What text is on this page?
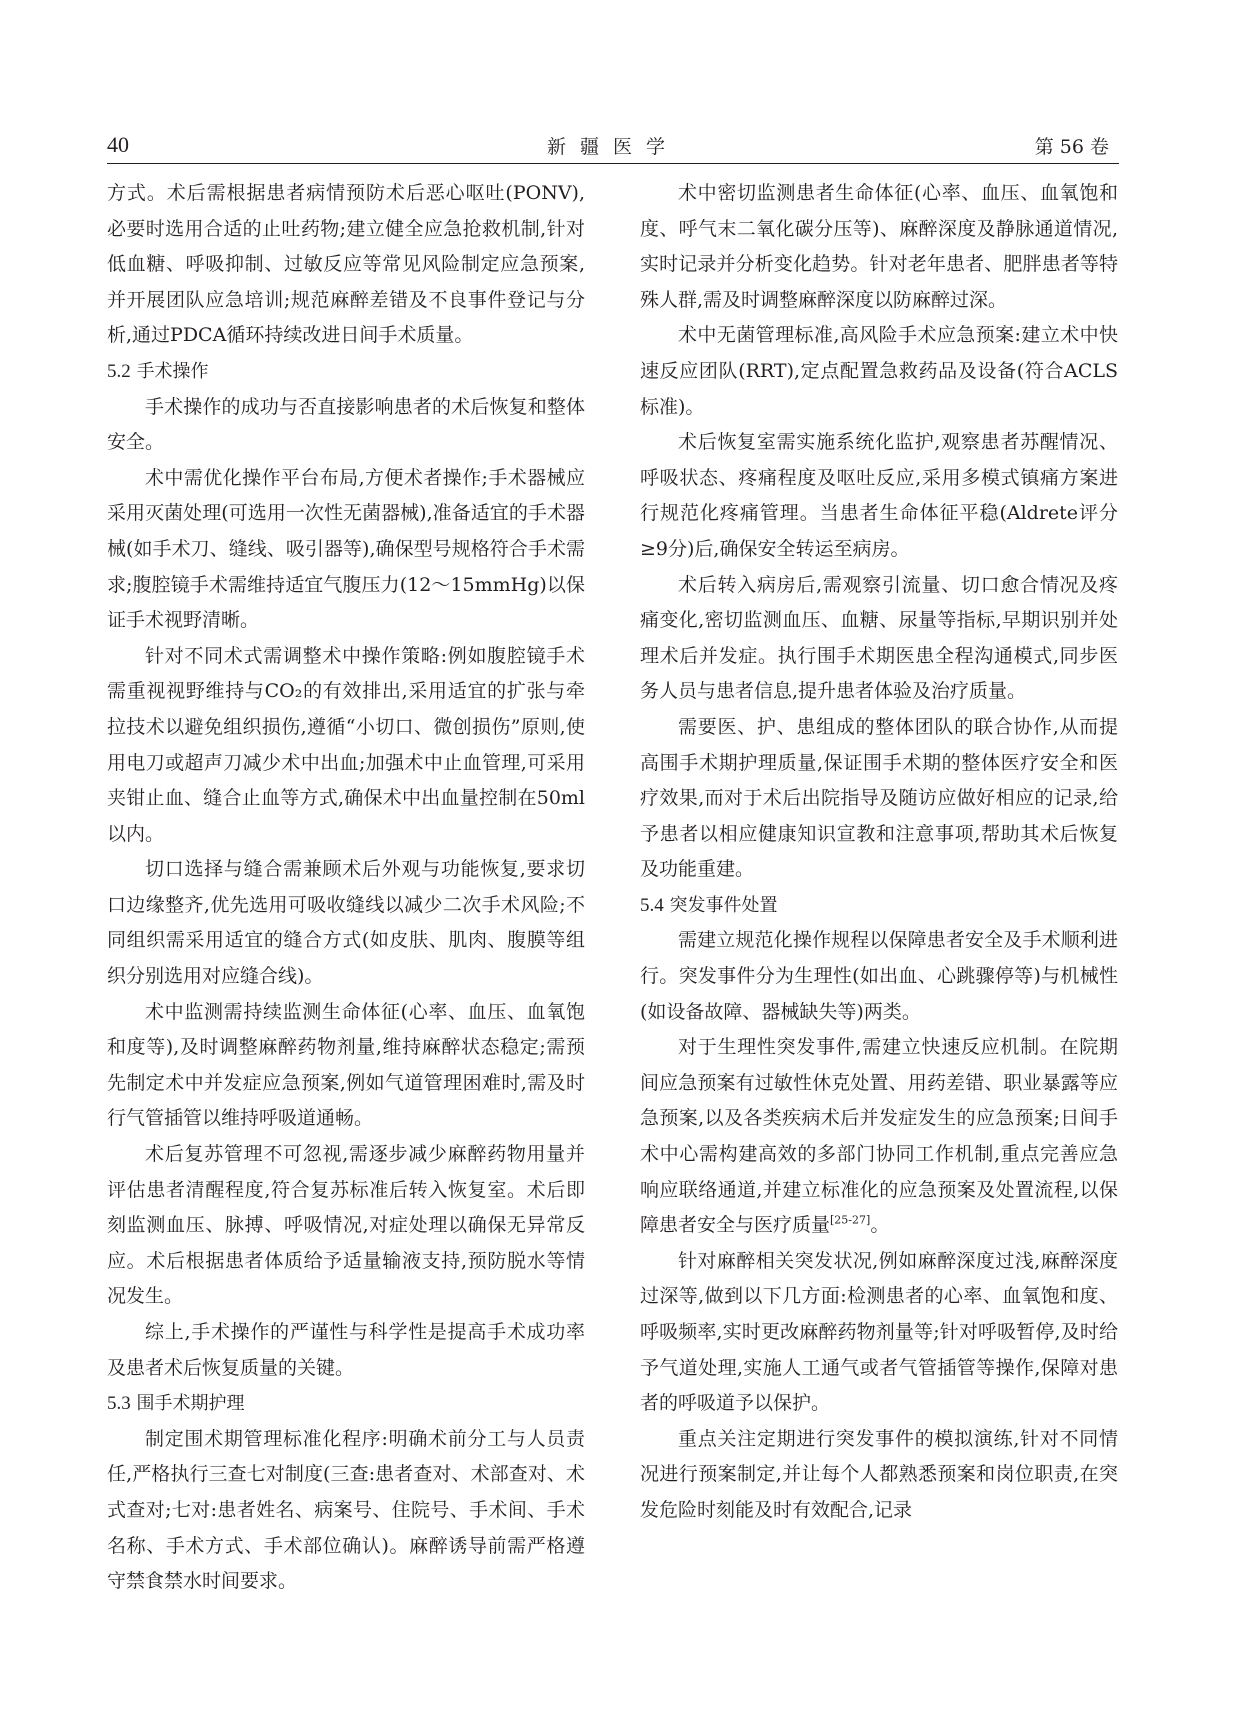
40	新疆医学	第 56 卷

方式。术后需根据患者病情预防术后恶心呕吐(PONV),必要时选用合适的止吐药物;建立健全应急抢救机制,针对低血糖、呼吸抑制、过敏反应等常见风险制定应急预案,并开展团队应急培训;规范麻醉差错及不良事件登记与分析,通过PDCA循环持续改进日间手术质量。

5.2 手术操作

手术操作的成功与否直接影响患者的术后恢复和整体安全。

术中需优化操作平台布局,方便术者操作;手术器械应采用灭菌处理(可选用一次性无菌器械),准备适宜的手术器械(如手术刀、缝线、吸引器等),确保型号规格符合手术需求;腹腔镜手术需维持适宜气腹压力(12～15mmHg)以保证手术视野清晰。

针对不同术式需调整术中操作策略:例如腹腔镜手术需重视视野维持与CO₂的有效排出,采用适宜的扩张与牵拉技术以避免组织损伤,遵循“小切口、微创损伤”原则,使用电刀或超声刀减少术中出血;加强术中止血管理,可采用夹钳止血、缝合止血等方式,确保术中出血量控制在50ml以内。

切口选择与缝合需兼顾术后外观与功能恢复,要求切口边缘整齐,优先选用可吸收缝线以减少二次手术风险;不同组织需采用适宜的缝合方式(如皮肤、肌肉、腹膜等组织分别选用对应缝合线)。

术中监测需持续监测生命体征(心率、血压、血氧饱和度等),及时调整麻醉药物剂量,维持麻醉状态稳定;需预先制定术中并发症应急预案,例如气道管理困难时,需及时行气管插管以维持呼吸道通畅。

术后复苏管理不可忽视,需逐步减少麻醉药物用量并评估患者清醒程度,符合复苏标准后转入恢复室。术后即刻监测血压、脉搏、呼吸情况,对症处理以确保无异常反应。术后根据患者体质给予适量输液支持,预防脱水等情况发生。

综上,手术操作的严谨性与科学性是提高手术成功率及患者术后恢复质量的关键。

5.3 围手术期护理

制定围术期管理标准化程序:明确术前分工与人员责任,严格执行三查七对制度(三查:患者查对、术部查对、术式查对;七对:患者姓名、病案号、住院号、手术间、手术名称、手术方式、手术部位确认)。麻醉诱导前需严格遵守禁食禁水时间要求。

术中密切监测患者生命体征(心率、血压、血氧饱和度、呼气末二氧化碳分压等)、麻醉深度及静脉通道情况,实时记录并分析变化趋势。针对老年患者、肥胖患者等特殊人群,需及时调整麻醉深度以防麻醉过深。

术中无菌管理标准,高风险手术应急预案:建立术中快速反应团队(RRT),定点配置急救药品及设备(符合ACLS标准)。

术后恢复室需实施系统化监护,观察患者苏醒情况、呼吸状态、疼痛程度及呕吐反应,采用多模式镇痛方案进行规范化疼痛管理。当患者生命体征平稳(Aldrete评分≥9分)后,确保安全转运至病房。

术后转入病房后,需观察引流量、切口愈合情况及疼痛变化,密切监测血压、血糖、尿量等指标,早期识别并处理术后并发症。执行围手术期医患全程沟通模式,同步医务人员与患者信息,提升患者体验及治疗质量。

需要医、护、患组成的整体团队的联合协作,从而提高围手术期护理质量,保证围手术期的整体医疗安全和医疗效果,而对于术后出院指导及随访应做好相应的记录,给予患者以相应健康知识宣教和注意事项,帮助其术后恢复及功能重建。

5.4 突发事件处置

需建立规范化操作规程以保障患者安全及手术顺利进行。突发事件分为生理性(如出血、心跳骤停等)与机械性(如设备故障、器械缺失等)两类。

对于生理性突发事件,需建立快速反应机制。在院期间应急预案有过敏性休克处置、用药差错、职业暴露等应急预案,以及各类疾病术后并发症发生的应急预案;日间手术中心需构建高效的多部门协同工作机制,重点完善应急响应联络通道,并建立标准化的应急预案及处置流程,以保障患者安全与医疗质量[25-27]。

针对麻醉相关突发状况,例如麻醉深度过浅,麻醉深度过深等,做到以下几方面:检测患者的心率、血氧饱和度、呼吸频率,实时更改麻醉药物剂量等;针对呼吸暂停,及时给予气道处理,实施人工通气或者气管插管等操作,保障对患者的呼吸道予以保护。

重点关注定期进行突发事件的模拟演练,针对不同情况进行预案制定,并让每个人都熟悉预案和岗位职责,在突发危险时刻能及时有效配合,记录
